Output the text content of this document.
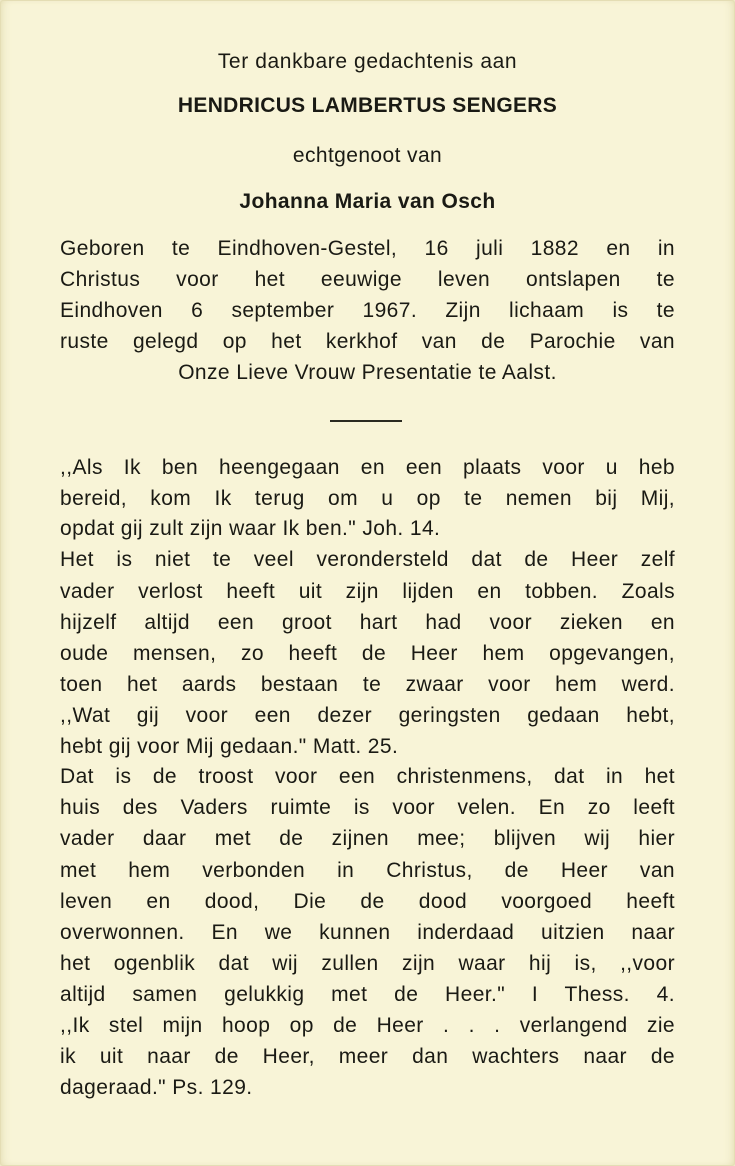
Ter dankbare gedachtenis aan
HENDRICUS LAMBERTUS SENGERS
echtgenoot van
Johanna Maria van Osch
Geboren te Eindhoven-Gestel, 16 juli 1882 en in
Christus voor het eeuwige leven ontslapen te
Eindhoven 6 september 1967. Zijn lichaam is te
ruste gelegd op het kerkhof van de Parochie van
Onze Lieve Vrouw Presentatie te Aalst.
,,Als Ik ben heengegaan en een plaats voor u heb
bereid, kom Ik terug om u op te nemen bij Mij,
opdat gij zult zijn waar Ik ben." Joh. 14.
Het is niet te veel verondersteld dat de Heer zelf
vader verlost heeft uit zijn lijden en tobben. Zoals
hijzelf altijd een groot hart had voor zieken en
oude mensen, zo heeft de Heer hem opgevangen,
toen het aards bestaan te zwaar voor hem werd.
,,Wat gij voor een dezer geringsten gedaan hebt,
hebt gij voor Mij gedaan." Matt. 25.
Dat is de troost voor een christenmens, dat in het
huis des Vaders ruimte is voor velen. En zo leeft
vader daar met de zijnen mee; blijven wij hier
met hem verbonden in Christus, de Heer van
leven en dood, Die de dood voorgoed heeft
overwonnen. En we kunnen inderdaad uitzien naar
het ogenblik dat wij zullen zijn waar hij is, ,,voor
altijd samen gelukkig met de Heer." I Thess. 4.
,,Ik stel mijn hoop op de Heer . . . verlangend zie
ik uit naar de Heer, meer dan wachters naar de
dageraad." Ps. 129.
